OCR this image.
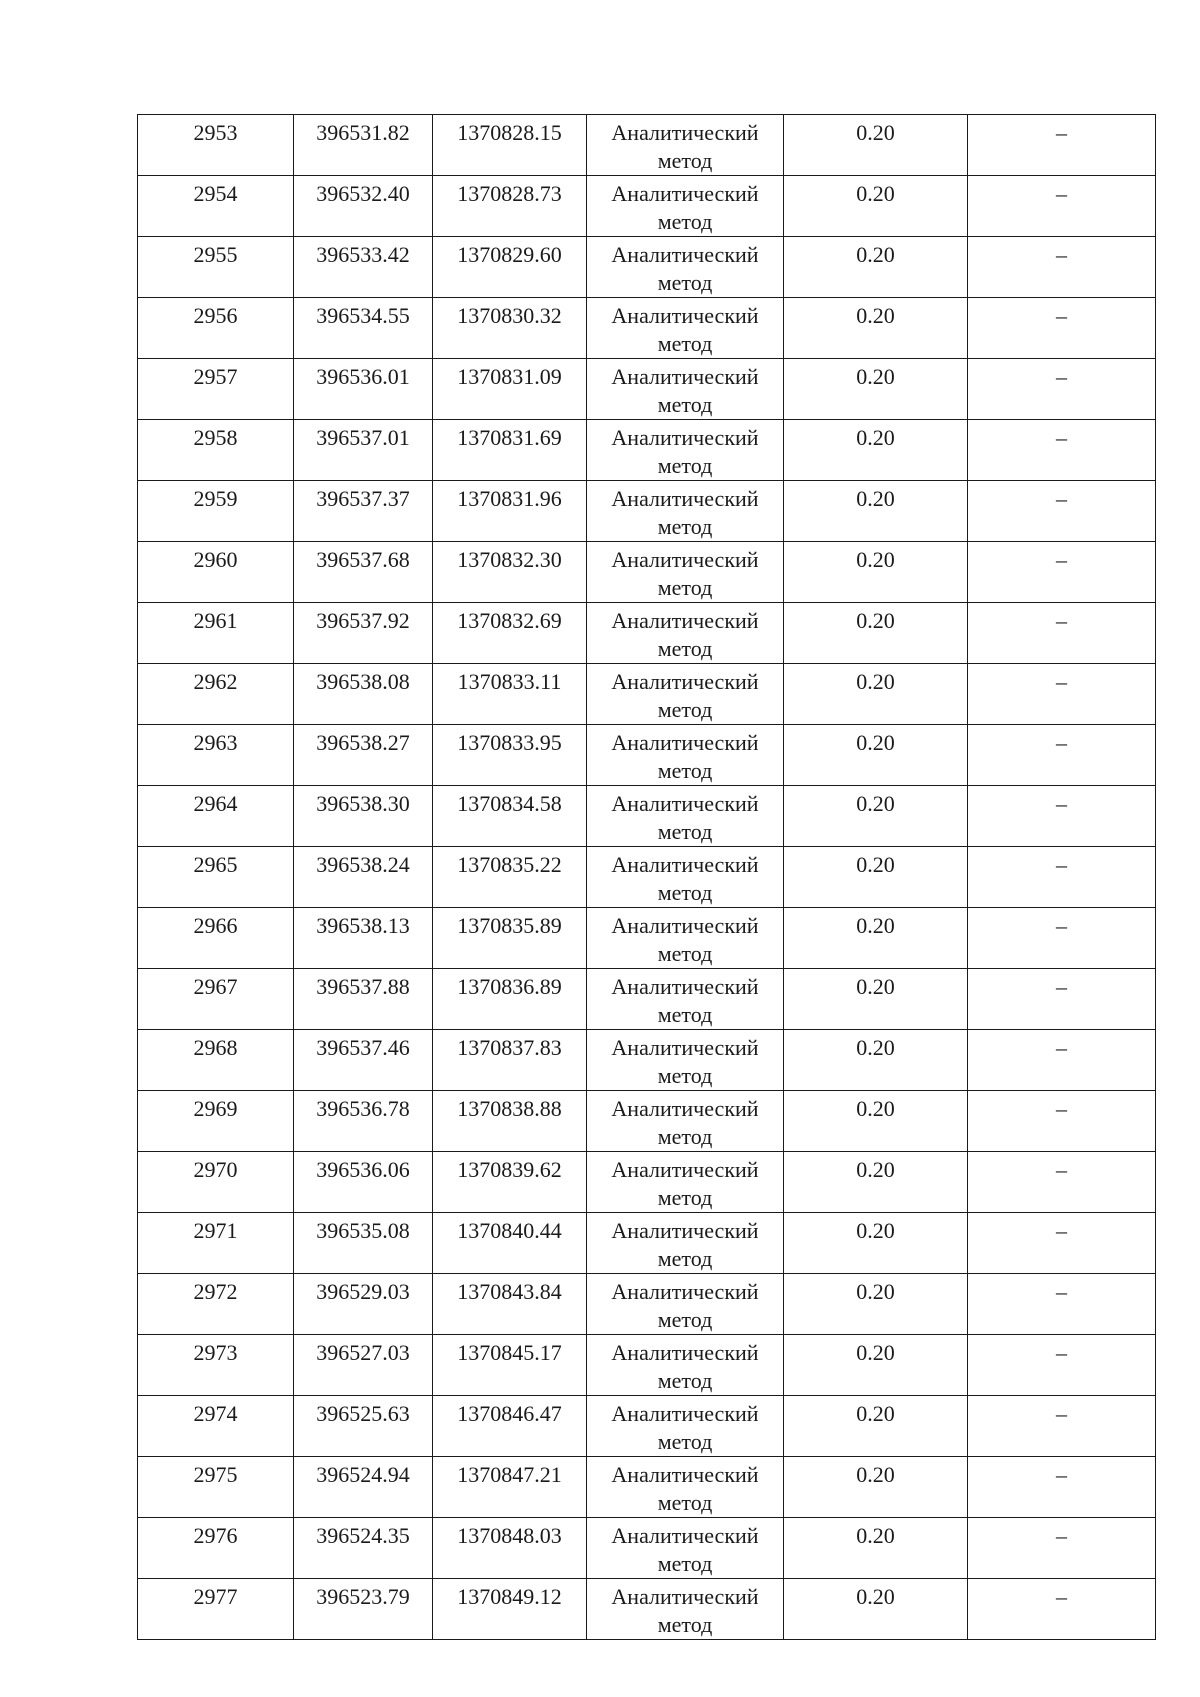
2953	396531.82	1370828.15	Аналитический метод	0.20	–

2954	396532.40	1370828.73	Аналитический метод	0.20	–

2955	396533.42	1370829.60	Аналитический метод	0.20	–

2956	396534.55	1370830.32	Аналитический метод	0.20	–

2957	396536.01	1370831.09	Аналитический метод	0.20	–

2958	396537.01	1370831.69	Аналитический метод	0.20	–

2959	396537.37	1370831.96	Аналитический метод	0.20	–

2960	396537.68	1370832.30	Аналитический метод	0.20	–

2961	396537.92	1370832.69	Аналитический метод	0.20	–

2962	396538.08	1370833.11	Аналитический метод	0.20	–

2963	396538.27	1370833.95	Аналитический метод	0.20	–

2964	396538.30	1370834.58	Аналитический метод	0.20	–

2965	396538.24	1370835.22	Аналитический метод	0.20	–

2966	396538.13	1370835.89	Аналитический метод	0.20	–

2967	396537.88	1370836.89	Аналитический метод	0.20	–

2968	396537.46	1370837.83	Аналитический метод	0.20	–

2969	396536.78	1370838.88	Аналитический метод	0.20	–

2970	396536.06	1370839.62	Аналитический метод	0.20	–

2971	396535.08	1370840.44	Аналитический метод	0.20	–

2972	396529.03	1370843.84	Аналитический метод	0.20	–

2973	396527.03	1370845.17	Аналитический метод	0.20	–

2974	396525.63	1370846.47	Аналитический метод	0.20	–

2975	396524.94	1370847.21	Аналитический метод	0.20	–

2976	396524.35	1370848.03	Аналитический метод	0.20	–

2977	396523.79	1370849.12	Аналитический метод	0.20	–
